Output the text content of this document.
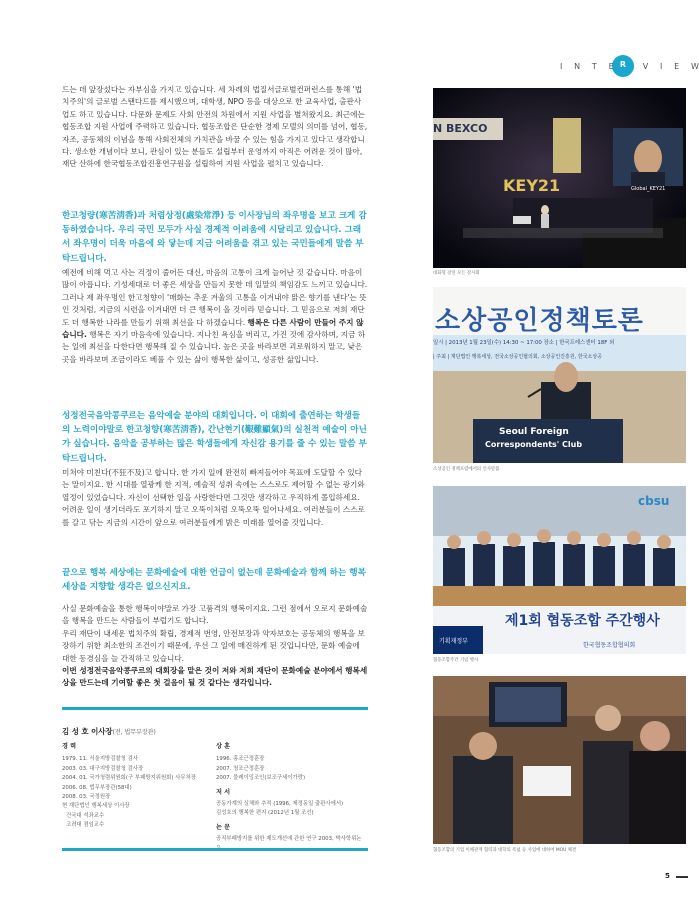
I N T E	V I E W
R

드는 데 앞장섰다는 자부심을 가지고 있습니다. 세 차례의 법질서글로벌컨퍼런스를 통해 '법치주의'의 글로벌 스탠다드를 제시했으며, 대학생, NPO 등을 대상으로 한 교육사업, 출판사업도 하고 있습니다. 다문화 문제도 사회 안전의 차원에서 지원 사업을 별쳐왔지요. 최근에는 협동조합 지원 사업에 주력하고 있습니다. 협동조합은 단순한 경제 모델의 의미를 넘어, 협동, 자조, 공동체의 이념을 통해 사회전체의 가치관을 바꿀 수 있는 힘을 가지고 있다고 생각합니다. 생소한 개념이다 보니, 관심이 있는 분들도 설립부터 운영까지 아직은 어려운 것이 많아, 재단 산하에 한국협동조합진흥연구원을 설립하여 지원 사업을 펼치고 있습니다.

한고청량(寒苦淸香)과 처렴상정(處染常淨) 등 이사장님의 좌우명을 보고 크게 감동하였습니다. 우리 국민 모두가 사실 경제적 어려움에 시달리고 있습니다. 그래서 좌우명이 더욱 마음에 와 닿는데 지금 어려움을 겪고 있는 국민들에게 말씀 부탁드립니다.

예전에 비해 먹고 사는 걱정이 줄어든 대신, 마음의 고통이 크게 늘어난 것 같습니다. 마음이 많이 아픕니다. 기성세대로 더 좋은 세상을 만들지 못한 데 일말의 책임감도 느끼고 있습니다. 그러나 제 좌우명인 한고청향이 '매화는 추운 겨울의 고통을 이겨내야 맑은 향기를 낸다'는 뜻인 것처럼, 지금의 시련을 이겨내면 더 큰 행복이 올 것이라 믿습니다. 그 믿음으로 저희 재단도 더 행복한 나라를 만들기 위해 최선을 다 하겠습니다. 행복은 다른 사람이 만들어 주지 않습니다. 행복은 자기 마음속에 있습니다. 지나친 욕심을 버리고, 가진 것에 감사하며, 지금 하는 일에 최선을 다한다면 행복해 질 수 있습니다. 높은 곳을 바라보면 괴로워하지 말고, 낮은 곳을 바라보며 조금이라도 베풀 수 있는 삶이 행복한 삶이고, 성공한 삶입니다.

성정전국음악콩쿠르는 음악예술 분야의 대회입니다. 이 대회에 출연하는 학생들의 노력이야말로 한고청향(寒苦淸香), 간난현기(艱難顯氣)의 실천적 예술이 아닌가 싶습니다. 음악을 공부하는 많은 학생들에게 자신감 용기를 줄 수 있는 말씀 부탁드립니다.

미쳐야 미친다(不狂不及)고 합니다. 한 가지 일에 완전히 빠져들어야 목표에 도달할 수 있다는 말이지요. 한 시대를 열광케 한 지적, 예술적 성취 속에는 스스로도 제어할 수 없는 광기와 열정이 있었습니다. 자신이 선택한 일을 사랑한다면 그것만 생각하고 우직하게 몰입하세요. 어려운 일이 생기더라도 포기하지 말고 오뚝이처럼 오뚝오뚝 일어나세요. 여러분들이 스스로를 갈고 닦는 지금의 시간이 앞으로 여러분들에게 밝은 미래를 열어줄 것입니다.

끝으로 행복 세상에는 문화예술에 대한 언급이 없는데 문화예술과 함께 하는 행복세상을 지향할 생각은 없으신지요.

사실 문화예술을 통한 행복이야말로 가장 고품격의 행복이지요. 그런 점에서 오로지 문화예술을 행복을 만드는 사람들이 부럽기도 합니다.

우리 재단이 내세운 법치주의 확립, 경제적 번영, 안전보장과 약자보호는 공동체의 행복을 보장하기 위한 최소한의 조건이기 때문에, 우선 그 일에 매진하게 된 것입니다만, 문화 예술에 대한 동경심을 늘 간직하고 있습니다.

이번 성정전국음악콩쿠르의 대회장을 맡은 것이 저와 저희 재단이 문화예술 분야에서 행복세상을 만드는데 기여할 좋은 첫 걸음이 될 것 같다는 생각입니다.

김 성 호 이사장(전, 법무부장관)
경 력
1979. 11. 서울지방검찰청 검사
2003. 03. 대구지방검찰청 검사장
2004. 01. 국가청렴위원회(구 부패방지위원회) 사무처장
2006. 08. 법무부장관(58대)
2008. 03. 국정원장
현 재단법인 행복세상 이사장
건국대 석좌교수
고려대 겸임교수
상 훈
1996. 홍조근정훈장
2007. 청조근정훈장
2007. 블레이잉조인(보조구세이가랑)
저 서
공동가계의 실체와 추적 (1996, 제정동일 출판사에서)
김성호의 행복한 편지 (2012년 1월 조선)
논 문
공직부패방지를 위한 제도개선에 관한 연구 2003, 박사학위논
N BEXCO
KEY21	Global_KEY21
대화형 강연 모든 강사회
소상공인정책토론
일시 | 2013년 1월 23일(수) 14:30 ~ 17:00 장소 | 한국프레스센터 18F 외
| 주최 | 재단법인 행복세상, 전국소상공인협의회, 소상공인진흥원, 한국소상공
Seoul Foreign
Correspondents' Club
소상공인 정책포럼에서의 인사말씀
제1회 협동조합 주간행사
한국협동조합협의회
기획재정부
cbsu
협동조합주간 기념 행사
협동조합의 기업 이해관계 협력과 대학의 폭넓 등 사업에 대하여 MOU 체결
5
